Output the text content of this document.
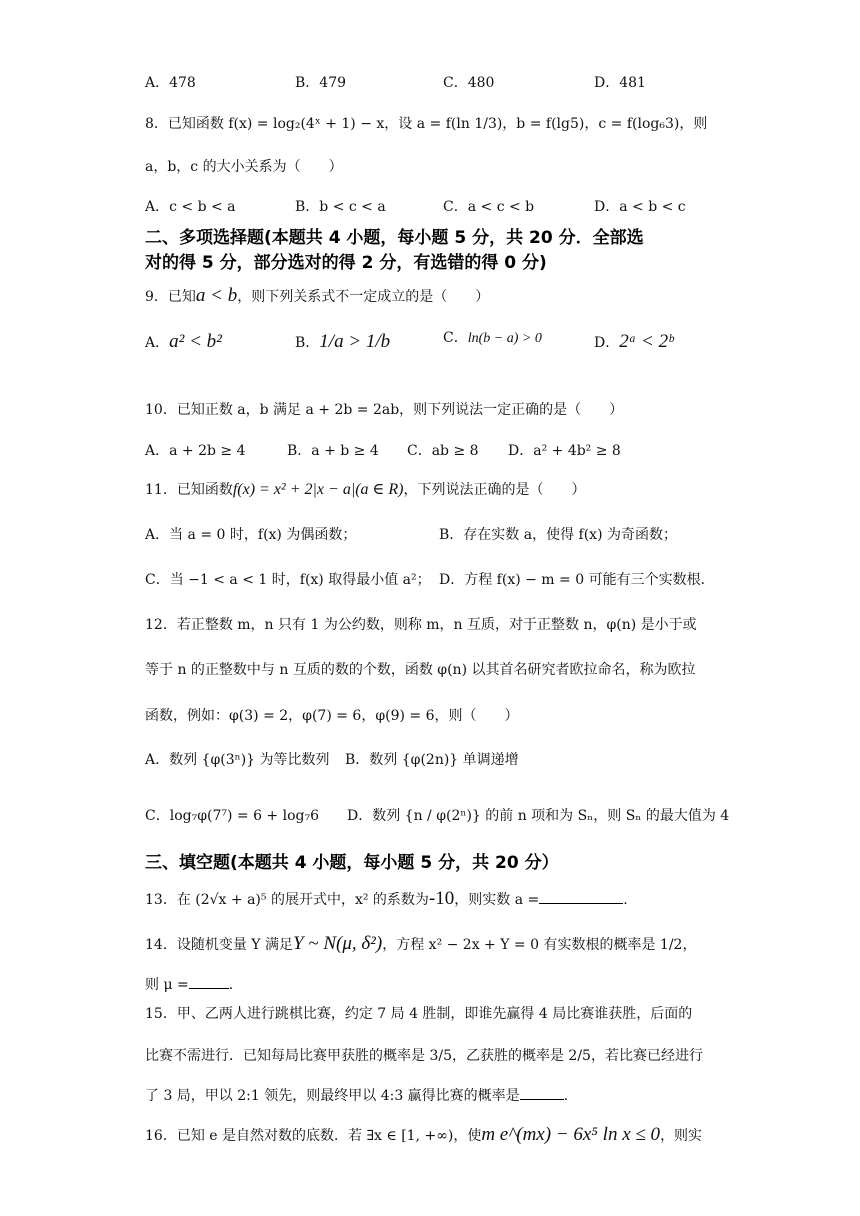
A．478	B．479	C．480	D．481
8．已知函数 f(x) = log₂(4ˣ + 1) − x，设 a = f(ln 1/3)，b = f(lg5)，c = f(log₆3)，则
a，b，c 的大小关系为（　　）
A．c < b < a	B．b < c < a	C．a < c < b	D．a < b < c
二、多项选择题(本题共 4 小题，每小题 5 分，共 20 分．全部选
对的得 5 分，部分选对的得 2 分，有选错的得 0 分)
9．已知a < b，则下列关系式不一定成立的是（　　）
A．a² < b²	B．1/a > 1/b	C．ln(b − a) > 0	D．2ᵃ < 2ᵇ
10．已知正数 a，b 满足 a + 2b = 2ab，则下列说法一定正确的是（　　）
A．a + 2b ≥ 4	B．a + b ≥ 4 C．ab ≥ 8 D．a² + 4b² ≥ 8
11．已知函数f(x) = x² + 2|x − a|(a ∈ R)，下列说法正确的是（　　）
A．当 a = 0 时，f(x) 为偶函数；	B．存在实数 a，使得 f(x) 为奇函数；
C．当 −1 < a < 1 时，f(x) 取得最小值 a²； D．方程 f(x) − m = 0 可能有三个实数根．
12．若正整数 m，n 只有 1 为公约数，则称 m，n 互质，对于正整数 n，φ(n) 是小于或
等于 n 的正整数中与 n 互质的数的个数，函数 φ(n) 以其首名研究者欧拉命名，称为欧拉
函数，例如：φ(3) = 2，φ(7) = 6，φ(9) = 6，则（　　）
A．数列 {φ(3ⁿ)} 为等比数列 B．数列 {φ(2n)} 单调递增
C．log₇φ(7⁷) = 6 + log₇6 D．数列 {n / φ(2ⁿ)} 的前 n 项和为 Sₙ，则 Sₙ 的最大值为 4
三、填空题(本题共 4 小题，每小题 5 分，共 20 分）
13．在 (2√x + a)⁵ 的展开式中，x² 的系数为-10，则实数 a =	.
14．设随机变量 Y 满足Y ~ N(μ, δ²)，方程 x² − 2x + Y = 0 有实数根的概率是 1/2，
则 μ =	.
15．甲、乙两人进行跳棋比赛，约定 7 局 4 胜制，即谁先赢得 4 局比赛谁获胜，后面的
比赛不需进行．已知每局比赛甲获胜的概率是 3/5，乙获胜的概率是 2/5，若比赛已经进行
了 3 局，甲以 2:1 领先，则最终甲以 4:3 赢得比赛的概率是	.
16．已知 e 是自然对数的底数．若 ∃x ∈ [1, +∞)，使m e^(mx) − 6x⁵ ln x ≤ 0，则实
